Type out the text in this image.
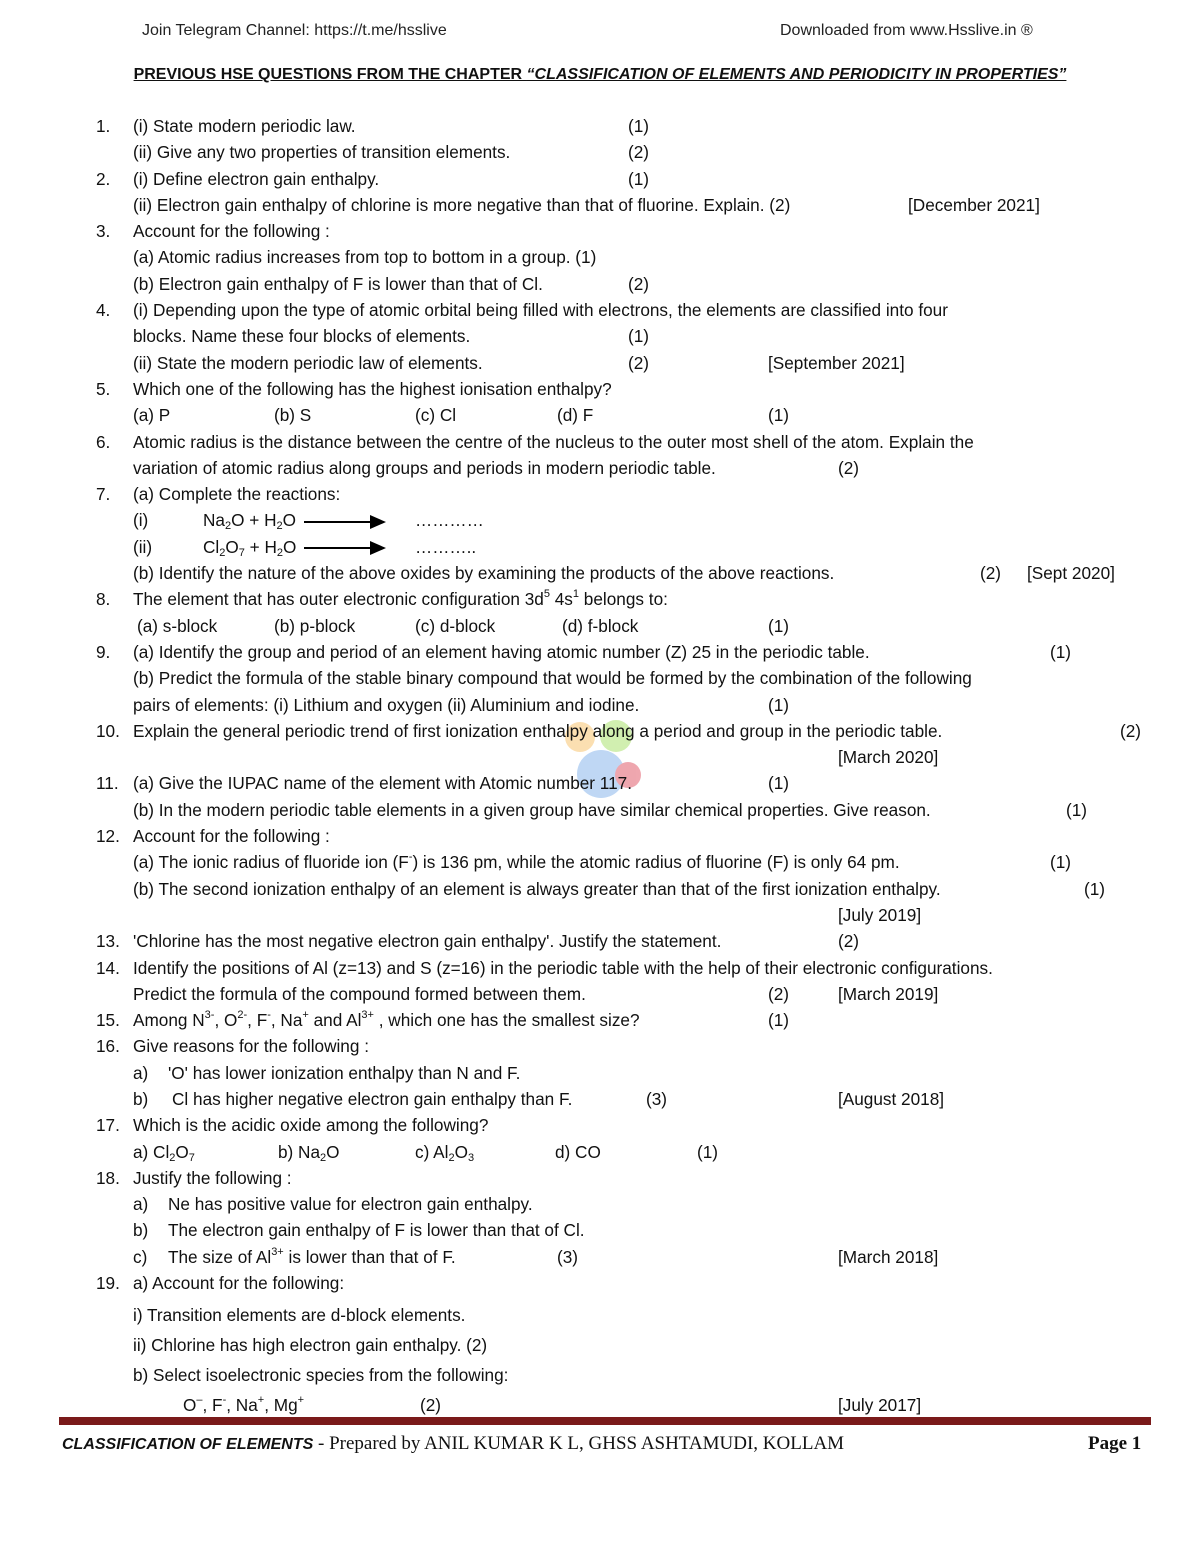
Join Telegram Channel: https://t.me/hsslive	Downloaded from www.Hsslive.in ®
PREVIOUS HSE QUESTIONS FROM THE CHAPTER “CLASSIFICATION OF ELEMENTS AND PERIODICITY IN PROPERTIES”
1. (i) State modern periodic law.	(1)
(ii) Give any two properties of transition elements.	(2)
2. (i) Define electron gain enthalpy.	(1)
(ii) Electron gain enthalpy of chlorine is more negative than that of fluorine. Explain. (2)	[December 2021]
3. Account for the following :
(a) Atomic radius increases from top to bottom in a group. (1)
(b) Electron gain enthalpy of F is lower than that of Cl.	(2)
4. (i) Depending upon the type of atomic orbital being filled with electrons, the elements are classified into four
blocks. Name these four blocks of elements.	(1)
(ii) State the modern periodic law of elements.	(2)	[September 2021]
5. Which one of the following has the highest ionisation enthalpy?
(a) P	(b) S	(c) Cl	(d) F	(1)
6. Atomic radius is the distance between the centre of the nucleus to the outer most shell of the atom. Explain the
variation of atomic radius along groups and periods in modern periodic table.	(2)
7. (a) Complete the reactions:
(i)	$Na_2O + H_2O$	…………
(ii)	$Cl_2O_7 + H_2O$	………..
(b) Identify the nature of the above oxides by examining the products of the above reactions.	(2) [Sept 2020]
8. The element that has outer electronic configuration $3d^5$ $4s^1$ belongs to:
(a) s-block	(b) p-block	(c) d-block	(d) f-block	(1)
9. (a) Identify the group and period of an element having atomic number (Z) 25 in the periodic table.	(1)
(b) Predict the formula of the stable binary compound that would be formed by the combination of the following
pairs of elements: (i) Lithium and oxygen (ii) Aluminium and iodine.	(1)
10. Explain the general periodic trend of first ionization enthalpy along a period and group in the periodic table.	(2)
[March 2020]
11. (a) Give the IUPAC name of the element with Atomic number 117.	(1)
(b) In the modern periodic table elements in a given group have similar chemical properties. Give reason.	(1)
12. Account for the following :
(a) The ionic radius of fluoride ion (F-) is 136 pm, while the atomic radius of fluorine (F) is only 64 pm.	(1)
(b) The second ionization enthalpy of an element is always greater than that of the first ionization enthalpy.	(1)
[July 2019]
13. 'Chlorine has the most negative electron gain enthalpy'. Justify the statement.	(2)
14. Identify the positions of Al (z=13) and S (z=16) in the periodic table with the help of their electronic configurations.
Predict the formula of the compound formed between them.	(2)	[March 2019]
15. Among $N^{3-}$, $O^{2-}$, F-, Na+ and $Al^{3+}$ , which one has the smallest size?	(1)
16. Give reasons for the following :
a) 'O' has lower ionization enthalpy than N and F.
b) Cl has higher negative electron gain enthalpy than F.	(3)	[August 2018]
17. Which is the acidic oxide among the following?
a) $Cl_2O_7$	b) $Na_2O$	c) $Al_2O_3$	d) CO	(1)
18. Justify the following :
a) Ne has positive value for electron gain enthalpy.
b) The electron gain enthalpy of F is lower than that of Cl.
c) The size of $Al^{3+}$ is lower than that of F.	(3)	[March 2018]
19. a) Account for the following:
i) Transition elements are d-block elements.
ii) Chlorine has high electron gain enthalpy. (2)
b) Select isoelectronic species from the following:
O–, F-, Na+, Mg+	(2)	[July 2017]
CLASSIFICATION OF ELEMENTS - Prepared by ANIL KUMAR K L, GHSS ASHTAMUDI, KOLLAM	Page 1
